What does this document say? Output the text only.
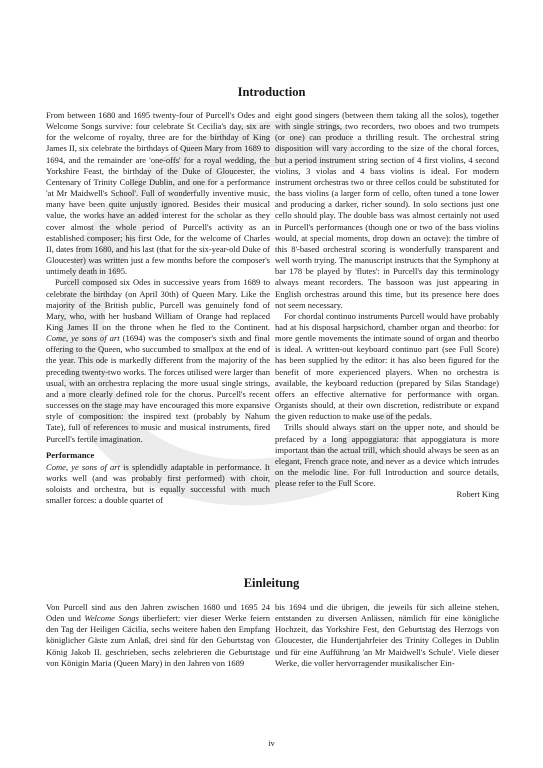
Introduction

From between 1680 and 1695 twenty-four of Purcell's Odes and Welcome Songs survive: four celebrate St Cecilia's day, six are for the welcome of royalty, three are for the birthday of King James II, six celebrate the birthdays of Queen Mary from 1689 to 1694, and the remainder are 'one-offs' for a royal wedding, the Yorkshire Feast, the birthday of the Duke of Gloucester, the Centenary of Trinity College Dublin, and one for a performance 'at Mr Maidwell's School'. Full of wonderfully inventive music, many have been quite unjustly ignored. Besides their musical value, the works have an added interest for the scholar as they cover almost the whole period of Purcell's activity as an established composer; his first Ode, for the welcome of Charles II, dates from 1680, and his last (that for the six-year-old Duke of Gloucester) was written just a few months before the composer's untimely death in 1695.

Purcell composed six Odes in successive years from 1689 to celebrate the birthday (on April 30th) of Queen Mary. Like the majority of the British public, Purcell was genuinely fond of Mary, who, with her husband William of Orange had replaced King James II on the throne when he fled to the Continent. Come, ye sons of art (1694) was the composer's sixth and final offering to the Queen, who succumbed to smallpox at the end of the year. This ode is markedly different from the majority of the preceding twenty-two works. The forces utilised were larger than usual, with an orchestra replacing the more usual single strings, and a more clearly defined role for the chorus. Purcell's recent successes on the stage may have encouraged this more expansive style of composition: the inspired text (probably by Nahum Tate), full of references to music and musical instruments, fired Purcell's fertile imagination.

Performance

Come, ye sons of art is splendidly adaptable in performance. It works well (and was probably first performed) with choir, soloists and orchestra, but is equally successful with much smaller forces: a double quartet of

eight good singers (between them taking all the solos), together with single strings, two recorders, two oboes and two trumpets (or one) can produce a thrilling result. The orchestral string disposition will vary according to the size of the choral forces, but a period instrument string section of 4 first violins, 4 second violins, 3 violas and 4 bass violins is ideal. For modern instrument orchestras two or three cellos could be substituted for the bass violins (a larger form of cello, often tuned a tone lower and producing a darker, richer sound). In solo sections just one cello should play. The double bass was almost certainly not used in Purcell's performances (though one or two of the bass violins would, at special moments, drop down an octave): the timbre of this 8'-based orchestral scoring is wonderfully transparent and well worth trying. The manuscript instructs that the Symphony at bar 178 be played by 'flutes': in Purcell's day this terminology always meant recorders. The bassoon was just appearing in English orchestras around this time, but its presence here does not seem necessary.

For chordal continuo instruments Purcell would have probably had at his disposal harpsichord, chamber organ and theorbo: for more gentle movements the intimate sound of organ and theorbo is ideal. A written-out keyboard continuo part (see Full Score) has been supplied by the editor: it has also been figured for the benefit of more experienced players. When no orchestra is available, the keyboard reduction (prepared by Silas Standage) offers an effective alternative for performance with organ. Organists should, at their own discretion, redistribute or expand the given reduction to make use of the pedals.

Trills should always start on the upper note, and should be prefaced by a long appoggiatura: that appoggiatura is more important than the actual trill, which should always be seen as an elegant, French grace note, and never as a device which intrudes on the melodic line. For full Introduction and source details, please refer to the Full Score.

Robert King

Einleitung

Von Purcell sind aus den Jahren zwischen 1680 und 1695 24 Oden und Welcome Songs überliefert: vier dieser Werke feiern den Tag der Heiligen Cäcilia, sechs weitere haben den Empfang königlicher Gäste zum Anlaß, drei sind für den Geburtstag von König Jakob II. geschrieben, sechs zelebrieren die Geburtstage von Königin Maria (Queen Mary) in den Jahren von 1689

bis 1694 und die übrigen, die jeweils für sich alleine stehen, entstanden zu diversen Anlässen, nämlich für eine königliche Hochzeit, das Yorkshire Fest, den Geburtstag des Herzogs von Gloucester, die Hundertjahrfeier des Trinity Colleges in Dublin und für eine Aufführung 'an Mr Maidwell's Schule'. Viele dieser Werke, die voller hervorragender musikalischer Ein-

iv
